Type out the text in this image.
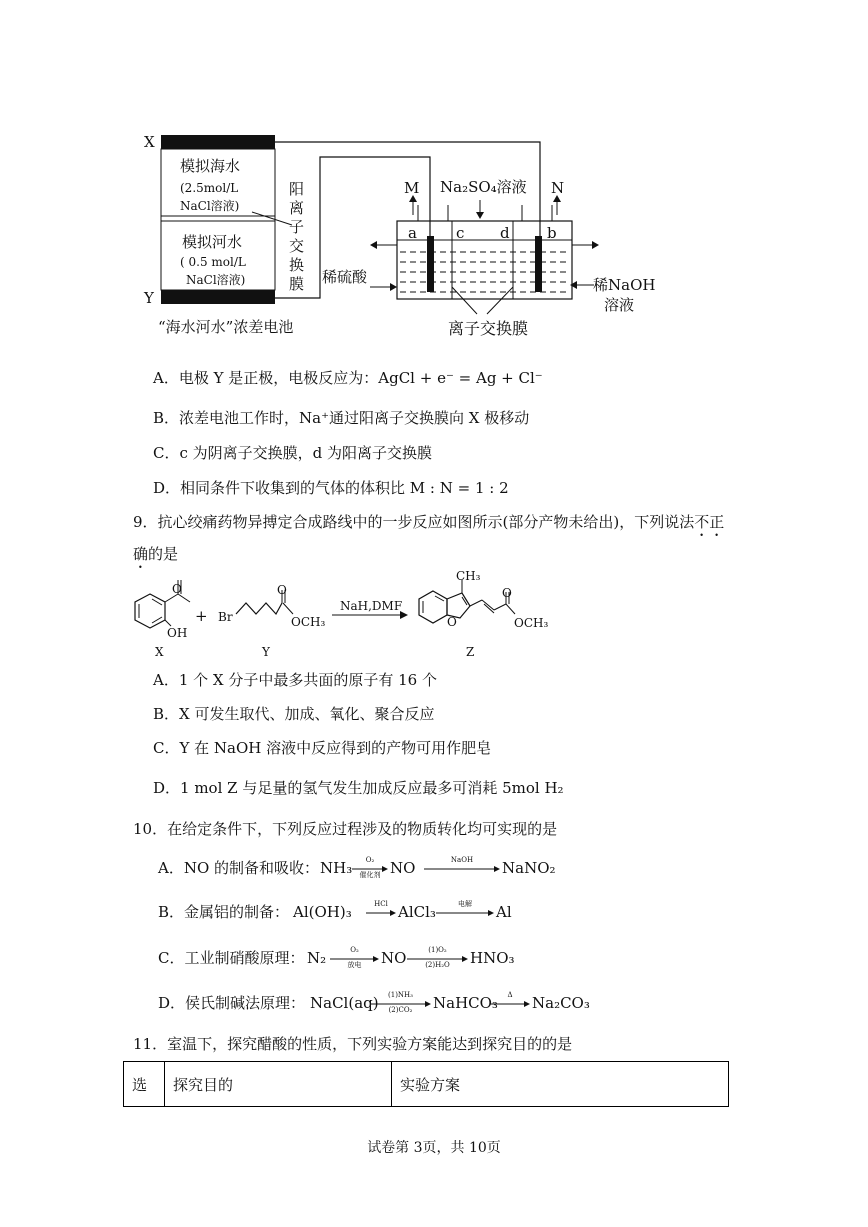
X
Y
模拟海水
(2.5mol/L
NaCl溶液)
模拟河水
( 0.5 mol/L
NaCl溶液)
阳离子交换膜
“海水河水”浓差电池
M	N
Na₂SO₄溶液
a	c d b
稀硫酸	稀NaOH
溶液
离子交换膜
A．电极 Y 是正极，电极反应为：AgCl + e⁻ = Ag + Cl⁻
B．浓差电池工作时，Na⁺通过阳离子交换膜向 X 极移动
C．c 为阴离子交换膜，d 为阳离子交换膜
D．相同条件下收集到的气体的体积比 M : N = 1 : 2
9．抗心绞痛药物异搏定合成路线中的一步反应如图所示(部分产物未给出)，下列说法不正
确的是
O
OH
+ Br
O
OCH₃
NaH,DMF
CH₃
O
O
OCH₃
X	Y	Z
A．1 个 X 分子中最多共面的原子有 16 个
B．X 可发生取代、加成、氧化、聚合反应
C．Y 在 NaOH 溶液中反应得到的产物可用作肥皂
D．1 mol Z 与足量的氢气发生加成反应最多可消耗 5mol H₂
10．在给定条件下，下列反应过程涉及的物质转化均可实现的是
A．NO 的制备和吸收： NH₃	O₂
催化剂 NO	NaOH	NaNO₂
B．金属铝的制备： Al(OH)₃	HCl AlCl₃	电解	Al
C．工业制硝酸原理： N₂	O₂
放电	NO	(1)O₂
(2)H₂O	HNO₃
D．侯氏制碱法原理： NaCl(aq)	(1)NH₃
(2)CO₂	NaHCO₃	Δ	Na₂CO₃
11．室温下，探究醋酸的性质，下列实验方案能达到探究目的的是
选	探究目的	实验方案
试卷第 3页，共 10页
